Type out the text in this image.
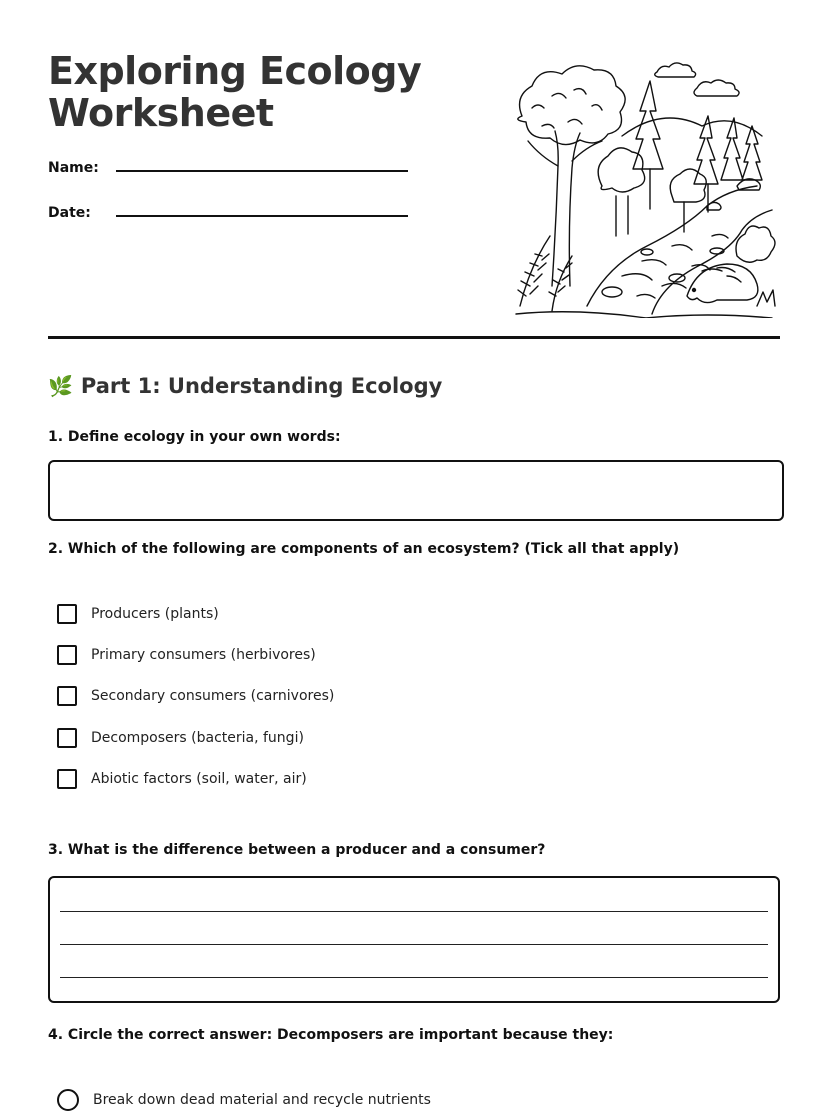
Exploring Ecology
Worksheet
Name:
Date:
🌿 Part 1: Understanding Ecology
1. Define ecology in your own words:
2. Which of the following are components of an ecosystem? (Tick all that apply)
Producers (plants)
Primary consumers (herbivores)
Secondary consumers (carnivores)
Decomposers (bacteria, fungi)
Abiotic factors (soil, water, air)
3. What is the difference between a producer and a consumer?
4. Circle the correct answer: Decomposers are important because they:
Break down dead material and recycle nutrients
